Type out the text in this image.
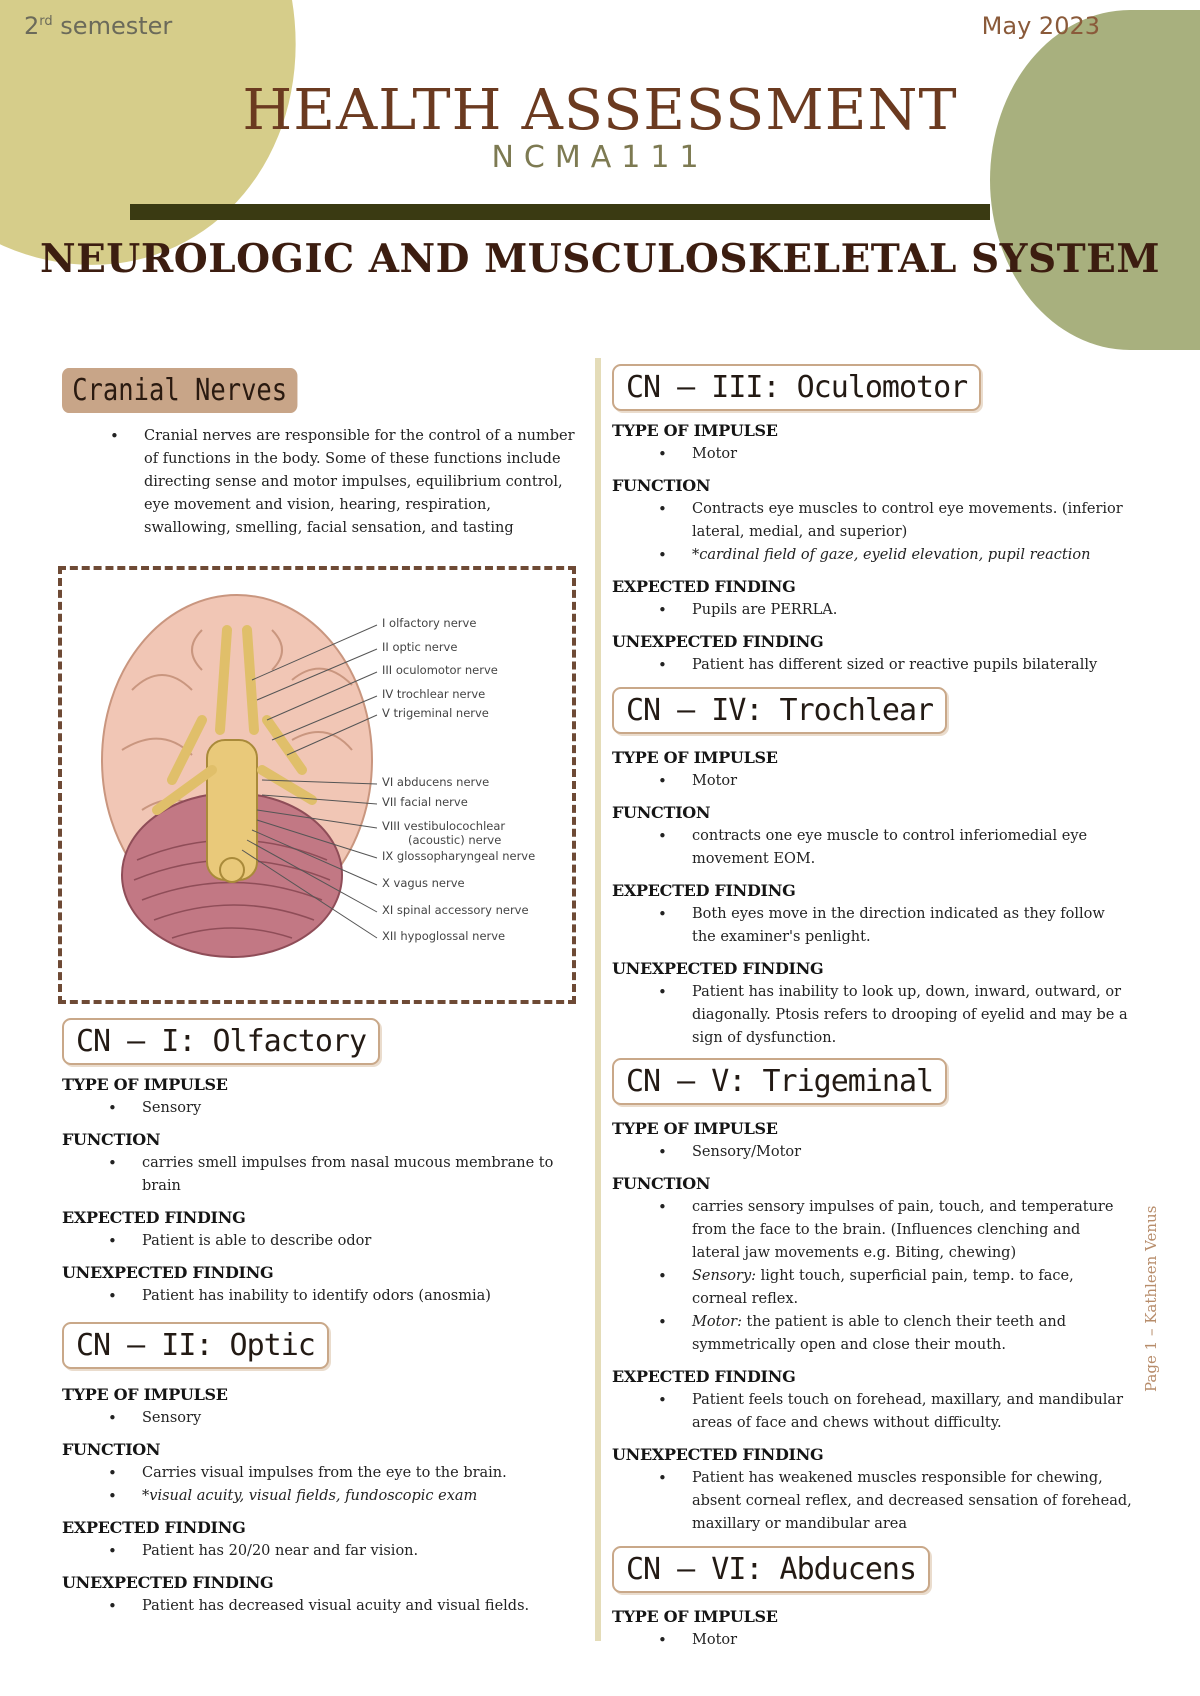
2rd semester	May 2023
HEALTH ASSESSMENT
NCMA111
NEUROLOGIC AND MUSCULOSKELETAL SYSTEM
Cranial Nerves
• Cranial nerves are responsible for the control of a number of functions in the body. Some of these functions include directing sense and motor impulses, equilibrium control, eye movement and vision, hearing, respiration, swallowing, smelling, facial sensation, and tasting
I olfactory nerve
II optic nerve
III oculomotor nerve
IV trochlear nerve
V trigeminal nerve
VI abducens nerve
VII facial nerve
VIII vestibulocochlear
(acoustic) nerve
IX glossopharyngeal nerve
X vagus nerve
XI spinal accessory nerve
XII hypoglossal nerve
CN – I: Olfactory
TYPE OF IMPULSE
• Sensory
FUNCTION
• carries smell impulses from nasal mucous membrane to brain
EXPECTED FINDING
• Patient is able to describe odor
UNEXPECTED FINDING
• Patient has inability to identify odors (anosmia)
CN – II: Optic
TYPE OF IMPULSE
• Sensory
FUNCTION
• Carries visual impulses from the eye to the brain.
• *visual acuity, visual fields, fundoscopic exam
EXPECTED FINDING
• Patient has 20/20 near and far vision.
UNEXPECTED FINDING
• Patient has decreased visual acuity and visual fields.
CN – III: Oculomotor
TYPE OF IMPULSE
• Motor
FUNCTION
• Contracts eye muscles to control eye movements. (inferior lateral, medial, and superior)
• *cardinal field of gaze, eyelid elevation, pupil reaction
EXPECTED FINDING
• Pupils are PERRLA.
UNEXPECTED FINDING
• Patient has different sized or reactive pupils bilaterally
CN – IV: Trochlear
TYPE OF IMPULSE
• Motor
FUNCTION
• contracts one eye muscle to control inferiomedial eye movement EOM.
EXPECTED FINDING
• Both eyes move in the direction indicated as they follow the examiner's penlight.
UNEXPECTED FINDING
• Patient has inability to look up, down, inward, outward, or diagonally. Ptosis refers to drooping of eyelid and may be a sign of dysfunction.
CN – V: Trigeminal
TYPE OF IMPULSE
• Sensory/Motor
FUNCTION
• carries sensory impulses of pain, touch, and temperature from the face to the brain. (Influences clenching and lateral jaw movements e.g. Biting, chewing)
• Sensory: light touch, superficial pain, temp. to face, corneal reflex.
• Motor: the patient is able to clench their teeth and symmetrically open and close their mouth.
EXPECTED FINDING
• Patient feels touch on forehead, maxillary, and mandibular areas of face and chews without difficulty.
UNEXPECTED FINDING
• Patient has weakened muscles responsible for chewing, absent corneal reflex, and decreased sensation of forehead, maxillary or mandibular area
CN – VI: Abducens
TYPE OF IMPULSE
• Motor
Page 1 – Kathleen Venus
